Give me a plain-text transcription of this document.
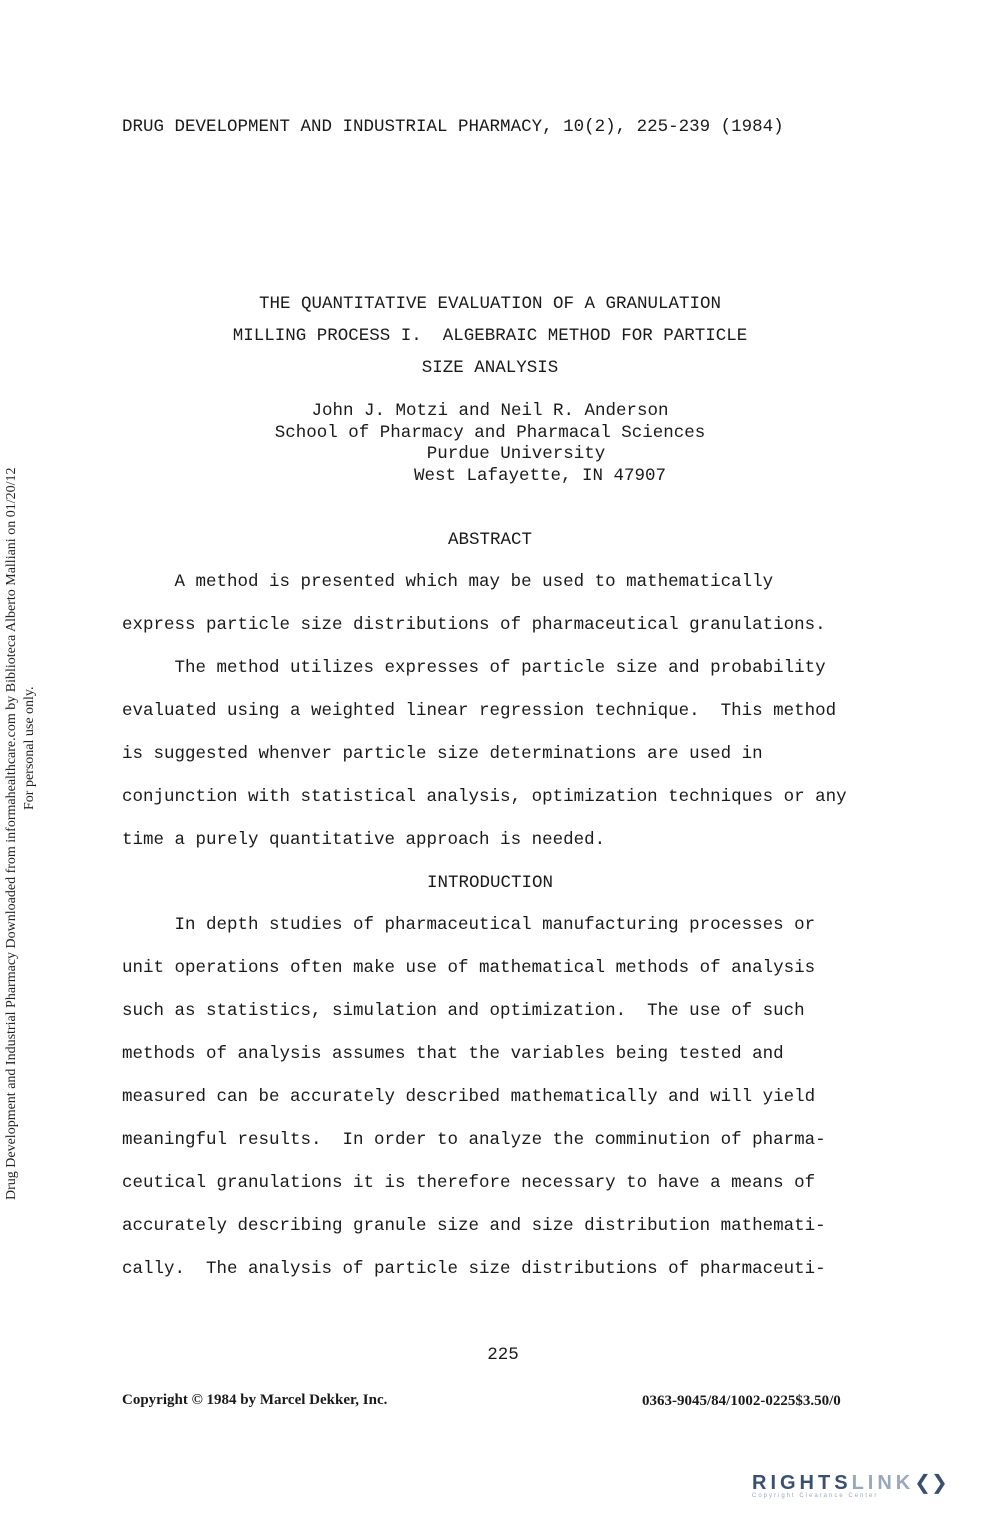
Drug Development and Industrial Pharmacy Downloaded from informahealthcare.com by Biblioteca Alberto Malliani on 01/20/12 For personal use only.
DRUG DEVELOPMENT AND INDUSTRIAL PHARMACY, 10(2), 225-239 (1984)
THE QUANTITATIVE EVALUATION OF A GRANULATION
MILLING PROCESS I.  ALGEBRAIC METHOD FOR PARTICLE
SIZE ANALYSIS
John J. Motzi and Neil R. Anderson
School of Pharmacy and Pharmacal Sciences
Purdue University
West Lafayette, IN 47907
ABSTRACT
A method is presented which may be used to mathematically
express particle size distributions of pharmaceutical granulations.
The method utilizes expresses of particle size and probability
evaluated using a weighted linear regression technique.  This method
is suggested whenver particle size determinations are used in
conjunction with statistical analysis, optimization techniques or any
time a purely quantitative approach is needed.
INTRODUCTION
In depth studies of pharmaceutical manufacturing processes or
unit operations often make use of mathematical methods of analysis
such as statistics, simulation and optimization.  The use of such
methods of analysis assumes that the variables being tested and
measured can be accurately described mathematically and will yield
meaningful results.  In order to analyze the comminution of pharma-
ceutical granulations it is therefore necessary to have a means of
accurately describing granule size and size distribution mathemati-
cally.  The analysis of particle size distributions of pharmaceuti-
225
Copyright © 1984 by Marcel Dekker, Inc.	0363-9045/84/1002-0225$3.50/0
RIGHTSLINK❮❯
Copyright Clearance Center
